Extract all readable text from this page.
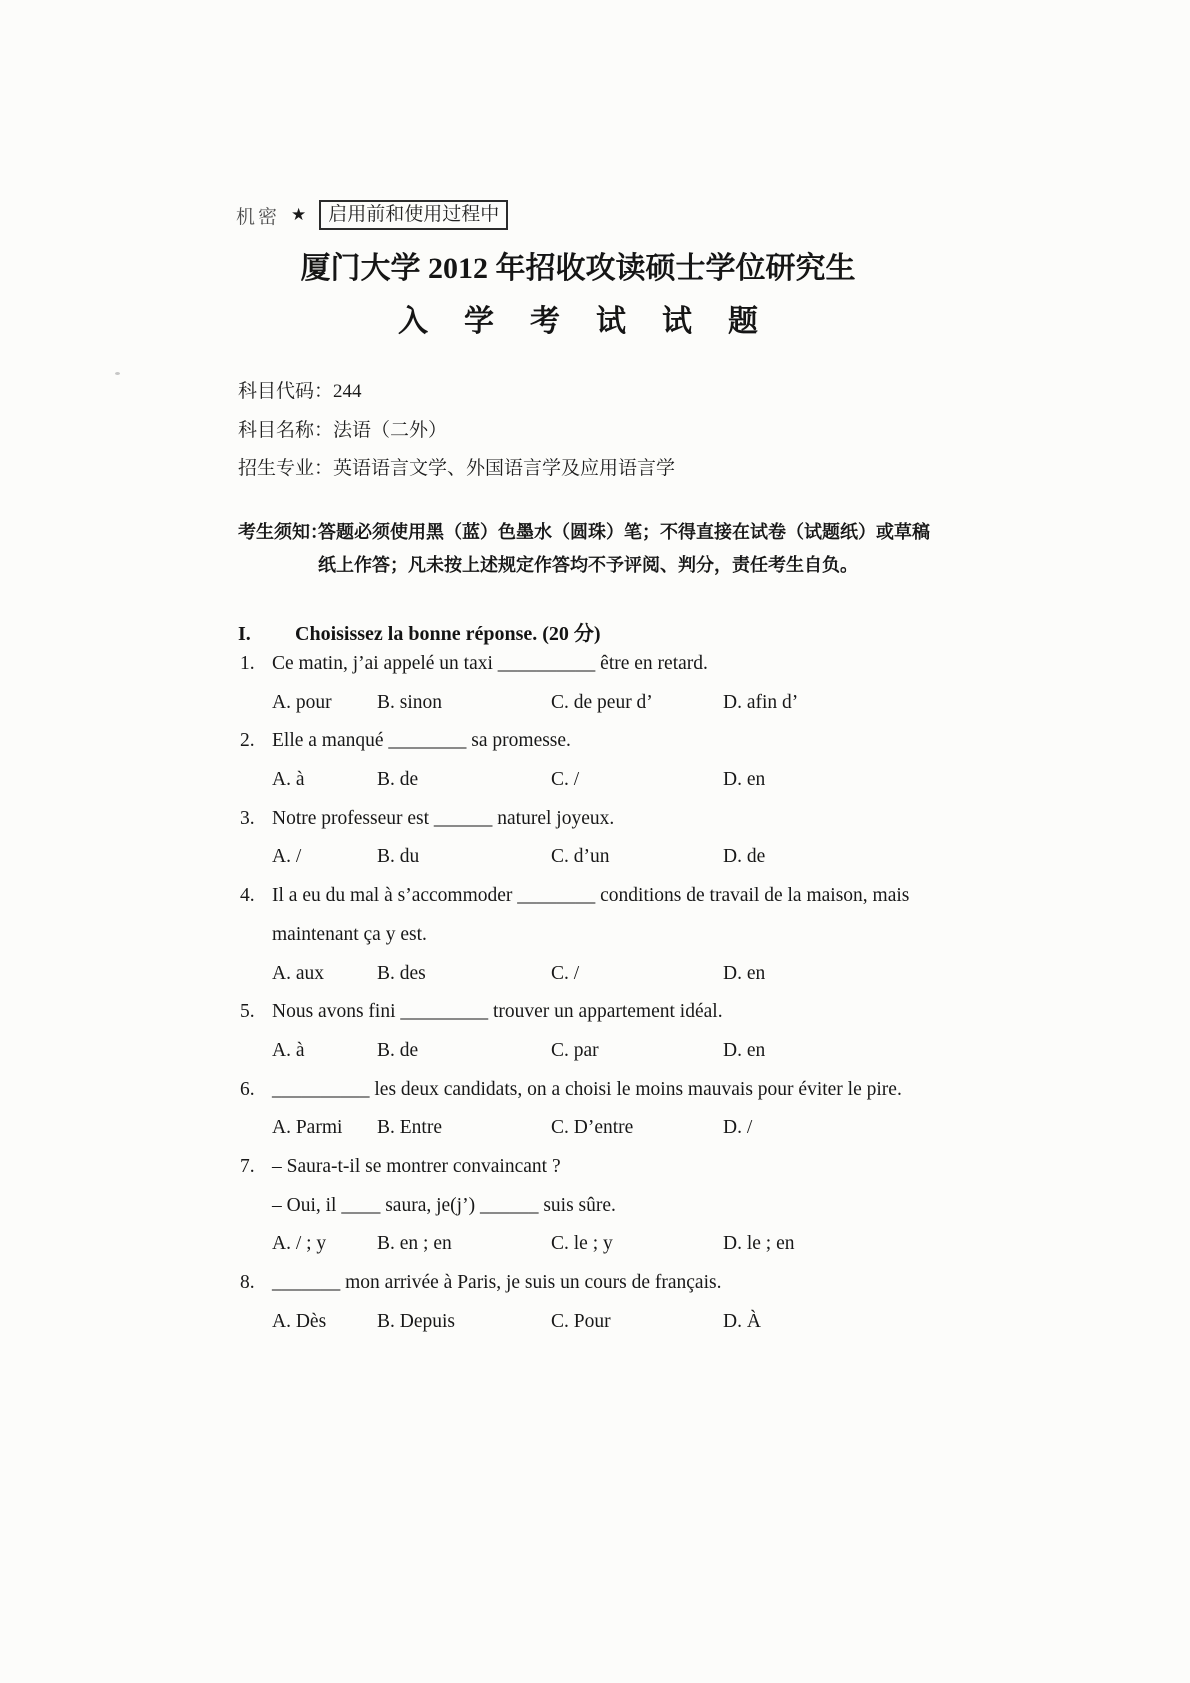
机密 ★	启用前和使用过程中
厦门大学 2012 年招收攻读硕士学位研究生
入学考试试题
科目代码：244
科目名称：法语（二外）
招生专业：英语语言文学、外国语言学及应用语言学
考生须知：
答题必须使用黑（蓝）色墨水（圆珠）笔；不得直接在试卷（试题纸）或草稿
纸上作答；凡未按上述规定作答均不予评阅、判分，责任考生自负。
I. Choisissez la bonne réponse. (20 分)
1. Ce matin, j’ai appelé un taxi __________ être en retard.
A. pour B. sinon	C. de peur d’	D. afin d’
2. Elle a manqué ________ sa promesse.
A. à	B. de	C. /	D. en
3. Notre professeur est ______ naturel joyeux.
A. /	B. du	C. d’un	D. de
4. Il a eu du mal à s’accommoder ________ conditions de travail de la maison, mais
maintenant ça y est.
A. aux	B. des	C. /	D. en
5. Nous avons fini _________ trouver un appartement idéal.
A. à	B. de	C. par	D. en
6. __________ les deux candidats, on a choisi le moins mauvais pour éviter le pire.
A. Parmi B. Entre	C. D’entre	D. /
7. – Saura-t-il se montrer convaincant ?
– Oui, il ____ saura, je(j’) ______ suis sûre.
A. / ; y	B. en ; en	C. le ; y	D. le ; en
8. _______ mon arrivée à Paris, je suis un cours de français.
A. Dès	B. Depuis	C. Pour	D. À
